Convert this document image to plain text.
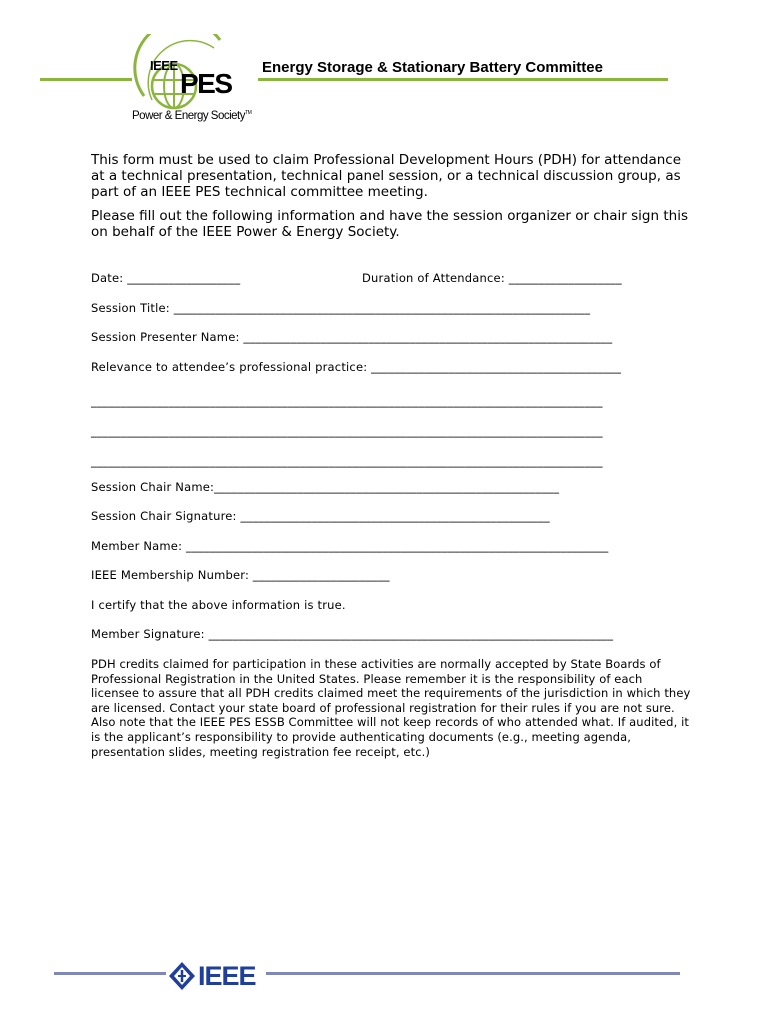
IEEE
PES
Power & Energy Society™
Energy Storage & Stationary Battery Committee
This form must be used to claim Professional Development Hours (PDH) for attendance at a technical presentation, technical panel session, or a technical discussion group, as part of an IEEE PES technical committee meeting.
Please fill out the following information and have the session organizer or chair sign this on behalf of the IEEE Power & Energy Society.
Date: ___________________	Duration of Attendance: ___________________
Session Title: ______________________________________________________________________
Session Presenter Name: ______________________________________________________________
Relevance to attendee’s professional practice: __________________________________________
______________________________________________________________________________________
______________________________________________________________________________________
______________________________________________________________________________________
Session Chair Name:__________________________________________________________
Session Chair Signature: ____________________________________________________
Member Name: _______________________________________________________________________
IEEE Membership Number: _______________________
I certify that the above information is true.
Member Signature: ____________________________________________________________________
PDH credits claimed for participation in these activities are normally accepted by State Boards of Professional Registration in the United States. Please remember it is the responsibility of each licensee to assure that all PDH credits claimed meet the requirements of the jurisdiction in which they are licensed. Contact your state board of professional registration for their rules if you are not sure. Also note that the IEEE PES ESSB Committee will not keep records of who attended what. If audited, it is the applicant’s responsibility to provide authenticating documents (e.g., meeting agenda, presentation slides, meeting registration fee receipt, etc.)
IEEE
